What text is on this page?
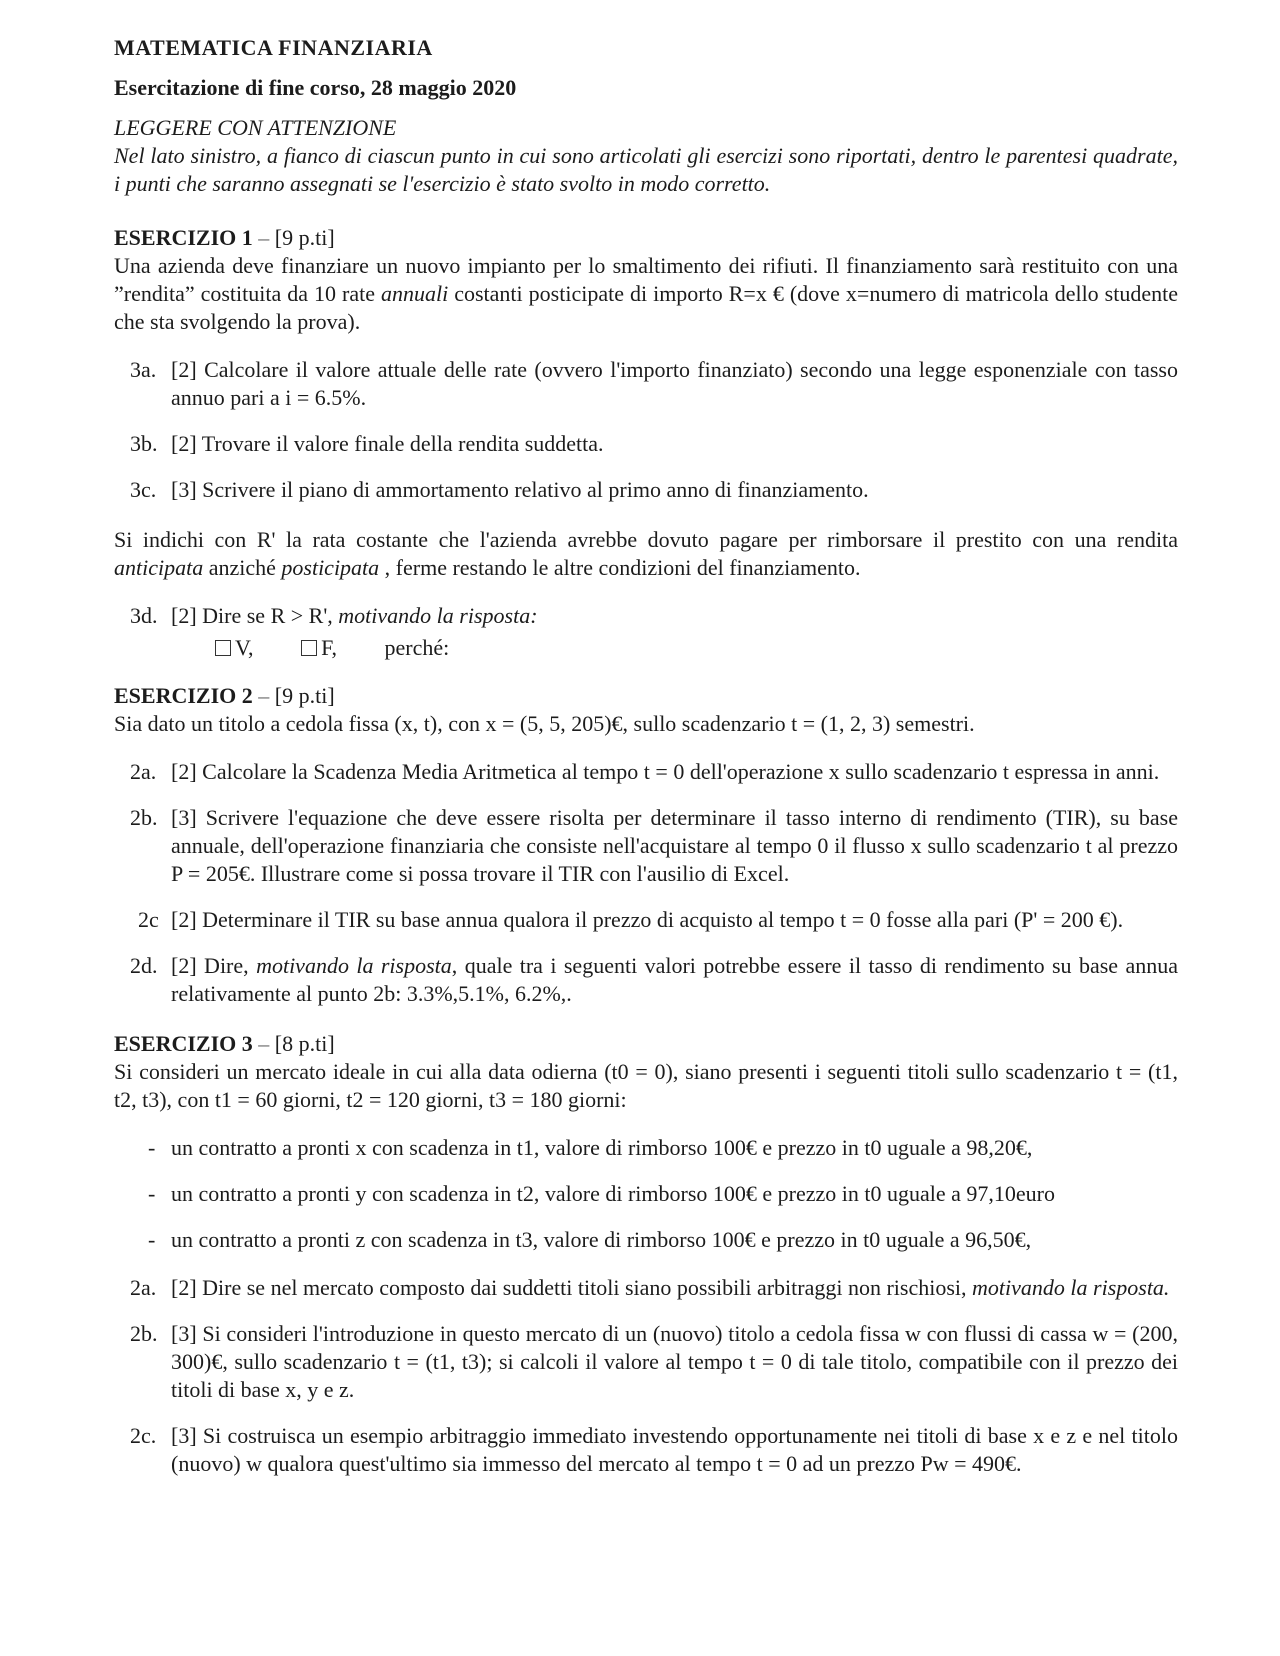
MATEMATICA FINANZIARIA
Esercitazione di fine corso, 28 maggio 2020
LEGGERE CON ATTENZIONE
Nel lato sinistro, a fianco di ciascun punto in cui sono articolati gli esercizi sono riportati, dentro le parentesi quadrate, i punti che saranno assegnati se l'esercizio è stato svolto in modo corretto.
ESERCIZIO 1 – [9 p.ti]
Una azienda deve finanziare un nuovo impianto per lo smaltimento dei rifiuti. Il finanziamento sarà restituito con una ”rendita” costituita da 10 rate annuali costanti posticipate di importo R=x € (dove x=numero di matricola dello studente che sta svolgendo la prova).
3a. [2] Calcolare il valore attuale delle rate (ovvero l'importo finanziato) secondo una legge esponenziale con tasso annuo pari a i = 6.5%.
3b. [2] Trovare il valore finale della rendita suddetta.
3c. [3] Scrivere il piano di ammortamento relativo al primo anno di finanziamento.
Si indichi con R' la rata costante che l'azienda avrebbe dovuto pagare per rimborsare il prestito con una rendita anticipata anziché posticipata , ferme restando le altre condizioni del finanziamento.
3d. [2] Dire se R > R', motivando la risposta:
V,	F, perché:
ESERCIZIO 2 – [9 p.ti]
Sia dato un titolo a cedola fissa (x, t), con x = (5, 5, 205)€, sullo scadenzario t = (1, 2, 3) semestri.
2a. [2] Calcolare la Scadenza Media Aritmetica al tempo t = 0 dell'operazione x sullo scadenzario t espressa in anni.
2b. [3] Scrivere l'equazione che deve essere risolta per determinare il tasso interno di rendimento (TIR), su base annuale, dell'operazione finanziaria che consiste nell'acquistare al tempo 0 il flusso x sullo scadenzario t al prezzo P = 205€. Illustrare come si possa trovare il TIR con l'ausilio di Excel.
2c [2] Determinare il TIR su base annua qualora il prezzo di acquisto al tempo t = 0 fosse alla pari (P' = 200 €).
2d. [2] Dire, motivando la risposta, quale tra i seguenti valori potrebbe essere il tasso di rendimento su base annua relativamente al punto 2b: 3.3%,5.1%, 6.2%,.
ESERCIZIO 3 – [8 p.ti]
Si consideri un mercato ideale in cui alla data odierna (t0 = 0), siano presenti i seguenti titoli sullo scadenzario t = (t1, t2, t3), con t1 = 60 giorni, t2 = 120 giorni, t3 = 180 giorni:
- un contratto a pronti x con scadenza in t1, valore di rimborso 100€ e prezzo in t0 uguale a 98,20€,
- un contratto a pronti y con scadenza in t2, valore di rimborso 100€ e prezzo in t0 uguale a 97,10euro
- un contratto a pronti z con scadenza in t3, valore di rimborso 100€ e prezzo in t0 uguale a 96,50€,
2a. [2] Dire se nel mercato composto dai suddetti titoli siano possibili arbitraggi non rischiosi, motivando la risposta.
2b. [3] Si consideri l'introduzione in questo mercato di un (nuovo) titolo a cedola fissa w con flussi di cassa w = (200, 300)€, sullo scadenzario t = (t1, t3); si calcoli il valore al tempo t = 0 di tale titolo, compatibile con il prezzo dei titoli di base x, y e z.
2c. [3] Si costruisca un esempio arbitraggio immediato investendo opportunamente nei titoli di base x e z e nel titolo (nuovo) w qualora quest'ultimo sia immesso del mercato al tempo t = 0 ad un prezzo Pw = 490€.
